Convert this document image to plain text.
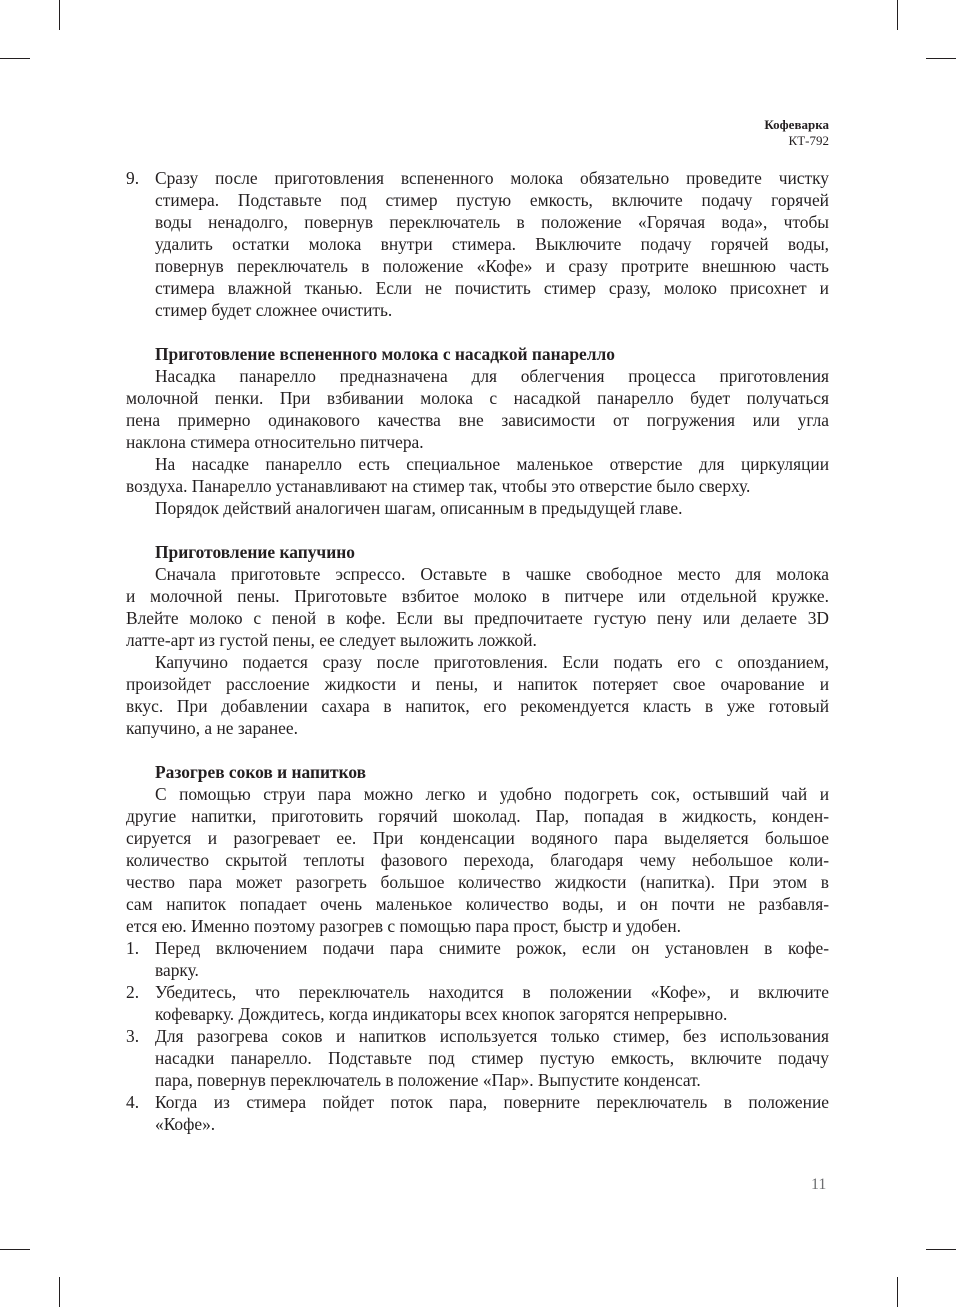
Кофеварка
КТ-792
9. Сразу после приготовления вспененного молока обязательно проведите чистку
стимера. Подставьте под стимер пустую емкость, включите подачу горячей
воды ненадолго, повернув переключатель в положение «Горячая вода», чтобы
удалить остатки молока внутри стимера. Выключите подачу горячей воды,
повернув переключатель в положение «Кофе» и сразу протрите внешнюю часть
стимера влажной тканью. Если не почистить стимер сразу, молоко присохнет и
стимер будет сложнее очистить.
Приготовление вспененного молока с насадкой панарелло
Насадка панарелло предназначена для облегчения процесса приготовления
молочной пенки. При взбивании молока с насадкой панарелло будет получаться
пена примерно одинакового качества вне зависимости от погружения или угла
наклона стимера относительно питчера.
На насадке панарелло есть специальное маленькое отверстие для циркуляции
воздуха. Панарелло устанавливают на стимер так, чтобы это отверстие было сверху.
Порядок действий аналогичен шагам, описанным в предыдущей главе.
Приготовление капучино
Сначала приготовьте эспрессо. Оставьте в чашке свободное место для молока
и молочной пены. Приготовьте взбитое молоко в питчере или отдельной кружке.
Влейте молоко с пеной в кофе. Если вы предпочитаете густую пену или делаете 3D
латте-арт из густой пены, ее следует выложить ложкой.
Капучино подается сразу после приготовления. Если подать его с опозданием,
произойдет расслоение жидкости и пены, и напиток потеряет свое очарование и
вкус. При добавлении сахара в напиток, его рекомендуется класть в уже готовый
капучино, а не заранее.
Разогрев соков и напитков
С помощью струи пара можно легко и удобно подогреть сок, остывший чай и
другие напитки, приготовить горячий шоколад. Пар, попадая в жидкость, конден-
сируется и разогревает ее. При конденсации водяного пара выделяется большое
количество скрытой теплоты фазового перехода, благодаря чему небольшое коли-
чество пара может разогреть большое количество жидкости (напитка). При этом в
сам напиток попадает очень маленькое количество воды, и он почти не разбавля-
ется ею. Именно поэтому разогрев с помощью пара прост, быстр и удобен.
1. Перед включением подачи пара снимите рожок, если он установлен в кофе-
варку.
2. Убедитесь, что переключатель находится в положении «Кофе», и включите
кофеварку. Дождитесь, когда индикаторы всех кнопок загорятся непрерывно.
3. Для разогрева соков и напитков используется только стимер, без использования
насадки панарелло. Подставьте под стимер пустую емкость, включите подачу
пара, повернув переключатель в положение «Пар». Выпустите конденсат.
4. Когда из стимера пойдет поток пара, поверните переключатель в положение
«Кофе».
11
